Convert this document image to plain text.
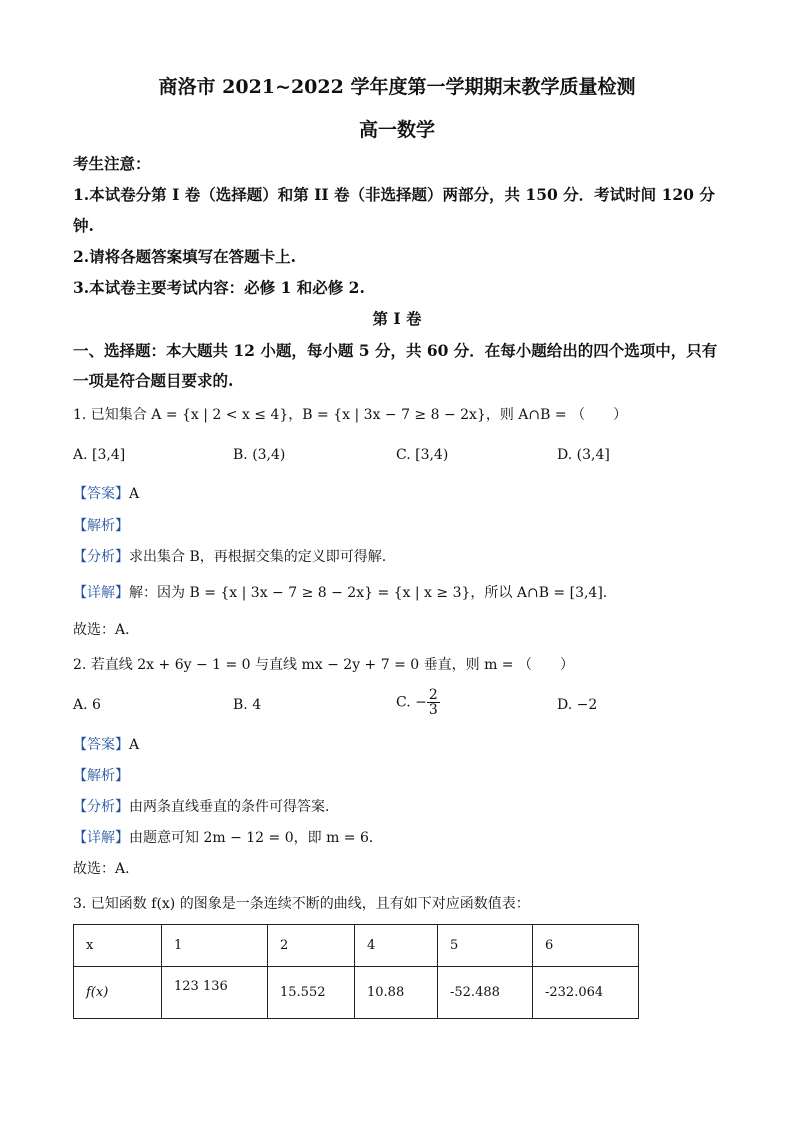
商洛市 2021~2022 学年度第一学期期末教学质量检测
高一数学
考生注意：
1.本试卷分第 I 卷（选择题）和第 II 卷（非选择题）两部分，共 150 分．考试时间 120 分
钟.
2.请将各题答案填写在答题卡上.
3.本试卷主要考试内容：必修 1 和必修 2.
第 I 卷
一、选择题：本大题共 12 小题，每小题 5 分，共 60 分．在每小题给出的四个选项中，只有
一项是符合题目要求的.
1. 已知集合 A = {x | 2 < x ≤ 4}，B = {x | 3x − 7 ≥ 8 − 2x}，则 A∩B = （　　）
A. [3,4]	B. (3,4)	C. [3,4)	D. (3,4]
【答案】A
【解析】
【分析】求出集合 B，再根据交集的定义即可得解.
【详解】解：因为 B = {x | 3x − 7 ≥ 8 − 2x} = {x | x ≥ 3}，所以 A∩B = [3,4].
故选：A.
2. 若直线 2x + 6y − 1 = 0 与直线 mx − 2y + 7 = 0 垂直，则 m = （　　）
A. 6	B. 4	C. − $\frac{2}{3}$	D. −2
【答案】A
【解析】
【分析】由两条直线垂直的条件可得答案.
【详解】由题意可知 2m − 12 = 0，即 m = 6．
故选：A.
3. 已知函数 f(x) 的图象是一条连续不断的曲线，且有如下对应函数值表：
x	1	2	4	5	6
f(x)	123 136	15.552	10.88	-52.488	-232.064
